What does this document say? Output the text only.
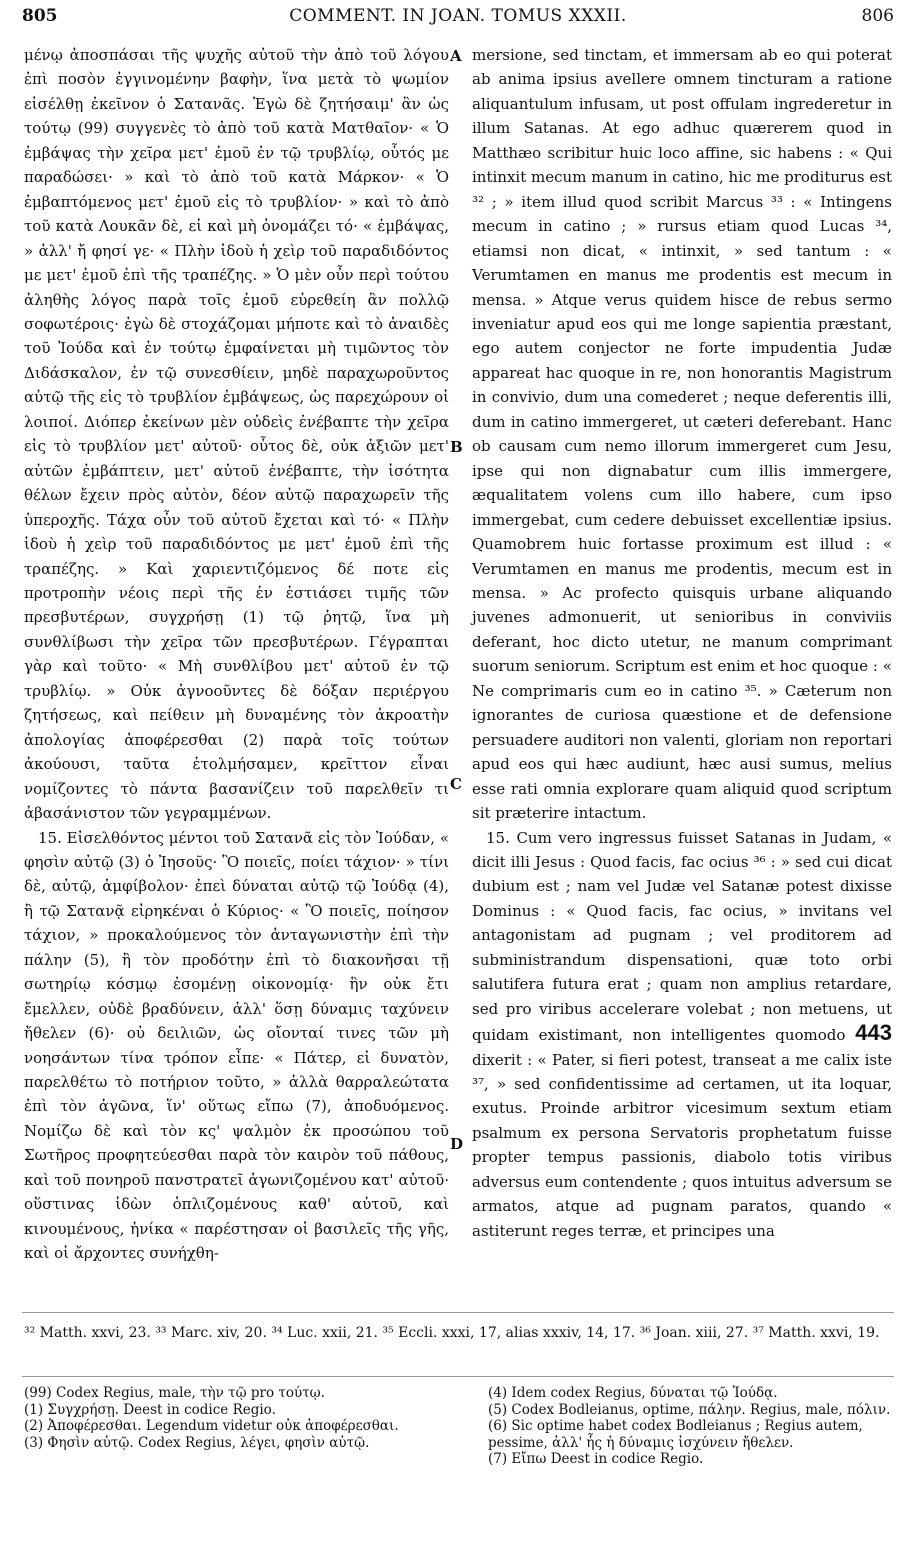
805	COMMENT. IN JOAN. TOMUS XXXII.	806

μένῳ ἀποσπάσαι τῆς ψυχῆς αὐτοῦ τὴν ἀπὸ τοῦ λόγου ἐπὶ ποσὸν ἐγγινομένην βαφὴν, ἵνα μετὰ τὸ ψωμίον εἰσέλθῃ ἐκεῖνον ὁ Σατανᾶς. Ἐγὼ δὲ ζητήσαιμ' ἂν ὡς τούτῳ (99) συγγενὲς τὸ ἀπὸ τοῦ κατὰ Ματθαῖον· « Ὁ ἐμβάψας τὴν χεῖρα μετ' ἐμοῦ ἐν τῷ τρυβλίῳ, οὗτός με παραδώσει· » καὶ τὸ ἀπὸ τοῦ κατὰ Μάρκον· « Ὁ ἐμβαπτόμενος μετ' ἐμοῦ εἰς τὸ τρυβλίον· » καὶ τὸ ἀπὸ τοῦ κατὰ Λουκᾶν δὲ, εἰ καὶ μὴ ὀνομάζει τό· « ἐμβάψας, » ἀλλ' ἤ φησί γε· « Πλὴν ἰδοὺ ἡ χεὶρ τοῦ παραδιδόντος με μετ' ἐμοῦ ἐπὶ τῆς τραπέζης. » Ὁ μὲν οὖν περὶ τούτου ἀληθὴς λόγος παρὰ τοῖς ἐμοῦ εὑρεθείη ἂν πολλῷ σοφωτέροις· ἐγὼ δὲ στοχάζομαι μήποτε καὶ τὸ ἀναιδὲς τοῦ Ἰούδα καὶ ἐν τούτῳ ἐμφαίνεται μὴ τιμῶντος τὸν Διδάσκαλον, ἐν τῷ συνεσθίειν, μηδὲ παραχωροῦντος αὐτῷ τῆς εἰς τὸ τρυβλίον ἐμβάψεως, ὡς παρεχώρουν οἱ λοιποί. Διόπερ ἐκείνων μὲν οὐδεὶς ἐνέβαπτε τὴν χεῖρα εἰς τὸ τρυβλίον μετ' αὐτοῦ· οὗτος δὲ, οὐκ ἀξιῶν μετ' αὐτῶν ἐμβάπτειν, μετ' αὐτοῦ ἐνέβαπτε, τὴν ἰσότητα θέλων ἔχειν πρὸς αὐτὸν, δέον αὐτῷ παραχωρεῖν τῆς ὑπεροχῆς. Τάχα οὖν τοῦ αὐτοῦ ἔχεται καὶ τό· « Πλὴν ἰδοὺ ἡ χεὶρ τοῦ παραδιδόντος με μετ' ἐμοῦ ἐπὶ τῆς τραπέζης. » Καὶ χαριεντιζόμενος δέ ποτε εἰς προτροπὴν νέοις περὶ τῆς ἐν ἑστιάσει τιμῆς τῶν πρεσβυτέρων, συγχρήσῃ (1) τῷ ῥητῷ, ἵνα μὴ συνθλίβωσι τὴν χεῖρα τῶν πρεσβυτέρων. Γέγραπται γὰρ καὶ τοῦτο· « Μὴ συνθλίβου μετ' αὐτοῦ ἐν τῷ τρυβλίῳ. » Οὐκ ἀγνοοῦντες δὲ δόξαν περιέργου ζητήσεως, καὶ πείθειν μὴ δυναμένης τὸν ἀκροατὴν ἀπολογίας ἀποφέρεσθαι (2) παρὰ τοῖς τούτων ἀκούουσι, ταῦτα ἐτολμήσαμεν, κρεῖττον εἶναι νομίζοντες τὸ πάντα βασανίζειν τοῦ παρελθεῖν τι ἀβασάνιστον τῶν γεγραμμένων.

15. Εἰσελθόντος μέντοι τοῦ Σατανᾶ εἰς τὸν Ἰούδαν, « φησὶν αὐτῷ (3) ὁ Ἰησοῦς· Ὃ ποιεῖς, ποίει τάχιον· » τίνι δὲ, αὐτῷ, ἀμφίβολον· ἐπεὶ δύναται αὐτῷ τῷ Ἰούδᾳ (4), ἢ τῷ Σατανᾷ εἰρηκέναι ὁ Κύριος· « Ὃ ποιεῖς, ποίησον τάχιον, » προκαλούμενος τὸν ἀνταγωνιστὴν ἐπὶ τὴν πάλην (5), ἢ τὸν προδότην ἐπὶ τὸ διακονῆσαι τῇ σωτηρίῳ κόσμῳ ἐσομένῃ οἰκονομίᾳ· ἣν οὐκ ἔτι ἔμελλεν, οὐδὲ βραδύνειν, ἀλλ' ὅσῃ δύναμις ταχύνειν ἤθελεν (6)· οὐ δειλιῶν, ὡς οἴονταί τινες τῶν μὴ νοησάντων τίνα τρόπον εἶπε· « Πάτερ, εἰ δυνατὸν, παρελθέτω τὸ ποτήριον τοῦτο, » ἀλλὰ θαρραλεώτατα ἐπὶ τὸν ἀγῶνα, ἵν' οὕτως εἴπω (7), ἀποδυόμενος. Νομίζω δὲ καὶ τὸν κς' ψαλμὸν ἐκ προσώπου τοῦ Σωτῆρος προφητεύεσθαι παρὰ τὸν καιρὸν τοῦ πάθους, καὶ τοῦ πονηροῦ πανστρατεῖ ἀγωνιζομένου κατ' αὐτοῦ· οὕστινας ἰδὼν ὁπλιζομένους καθ' αὐτοῦ, καὶ κινουμένους, ἡνίκα « παρέστησαν οἱ βασιλεῖς τῆς γῆς, καὶ οἱ ἄρχοντες συνήχθη-

A
B
C
D

mersione, sed tinctam, et immersam ab eo qui poterat ab anima ipsius avellere omnem tincturam a ratione aliquantulum infusam, ut post offulam ingrederetur in illum Satanas. At ego adhuc quærerem quod in Matthæo scribitur huic loco affine, sic habens : « Qui intinxit mecum manum in catino, hic me proditurus est ³² ; » item illud quod scribit Marcus ³³ : « Intingens mecum in catino ; » rursus etiam quod Lucas ³⁴, etiamsi non dicat, « intinxit, » sed tantum : « Verumtamen en manus me prodentis est mecum in mensa. » Atque verus quidem hisce de rebus sermo inveniatur apud eos qui me longe sapientia præstant, ego autem conjector ne forte impudentia Judæ appareat hac quoque in re, non honorantis Magistrum in convivio, dum una comederet ; neque deferentis illi, dum in catino immergeret, ut cæteri deferebant. Hanc ob causam cum nemo illorum immergeret cum Jesu, ipse qui non dignabatur cum illis immergere, æqualitatem volens cum illo habere, cum ipso immergebat, cum cedere debuisset excellentiæ ipsius. Quamobrem huic fortasse proximum est illud : « Verumtamen en manus me prodentis, mecum est in mensa. » Ac profecto quisquis urbane aliquando juvenes admonuerit, ut senioribus in conviviis deferant, hoc dicto utetur, ne manum comprimant suorum seniorum. Scriptum est enim et hoc quoque : « Ne comprimaris cum eo in catino ³⁵. » Cæterum non ignorantes de curiosa quæstione et de defensione persuadere auditori non valenti, gloriam non reportari apud eos qui hæc audiunt, hæc ausi sumus, melius esse rati omnia explorare quam aliquid quod scriptum sit præterire intactum.

15. Cum vero ingressus fuisset Satanas in Judam, « dicit illi Jesus : Quod facis, fac ocius ³⁶ : » sed cui dicat dubium est ; nam vel Judæ vel Satanæ potest dixisse Dominus : « Quod facis, fac ocius, » invitans vel antagonistam ad pugnam ; vel proditorem ad subministrandum dispensationi, quæ toto orbi salutifera futura erat ; quam non amplius retardare, sed pro viribus accelerare volebat ; non metuens, ut quidam existimant, non intelligentes quomodo 443 dixerit : « Pater, si fieri potest, transeat a me calix iste ³⁷, » sed confidentissime ad certamen, ut ita loquar, exutus. Proinde arbitror vicesimum sextum etiam psalmum ex persona Servatoris prophetatum fuisse propter tempus passionis, diabolo totis viribus adversus eum contendente ; quos intuitus adversum se armatos, atque ad pugnam paratos, quando « astiterunt reges terræ, et principes una

³² Matth. xxvi, 23. ³³ Marc. xiv, 20. ³⁴ Luc. xxii, 21. ³⁵ Eccli. xxxi, 17, alias xxxiv, 14, 17. ³⁶ Joan. xiii, 27. ³⁷ Matth. xxvi, 19.
(99) Codex Regius, male, τὴν τῷ pro τούτῳ.
(1) Συγχρήσῃ. Deest in codice Regio.
(2) Ἀποφέρεσθαι. Legendum videtur οὐκ ἀποφέρεσθαι.
(3) Φησὶν αὐτῷ. Codex Regius, λέγει, φησὶν αὐτῷ.
(4) Idem codex Regius, δύναται τῷ Ἰούδᾳ.
(5) Codex Bodleianus, optime, πάλην. Regius, male, πόλιν.
(6) Sic optime habet codex Bodleianus ; Regius autem, pessime, ἀλλ' ἧς ἡ δύναμις ἰσχύνειν ἤθελεν.
(7) Εἴπω Deest in codice Regio.
